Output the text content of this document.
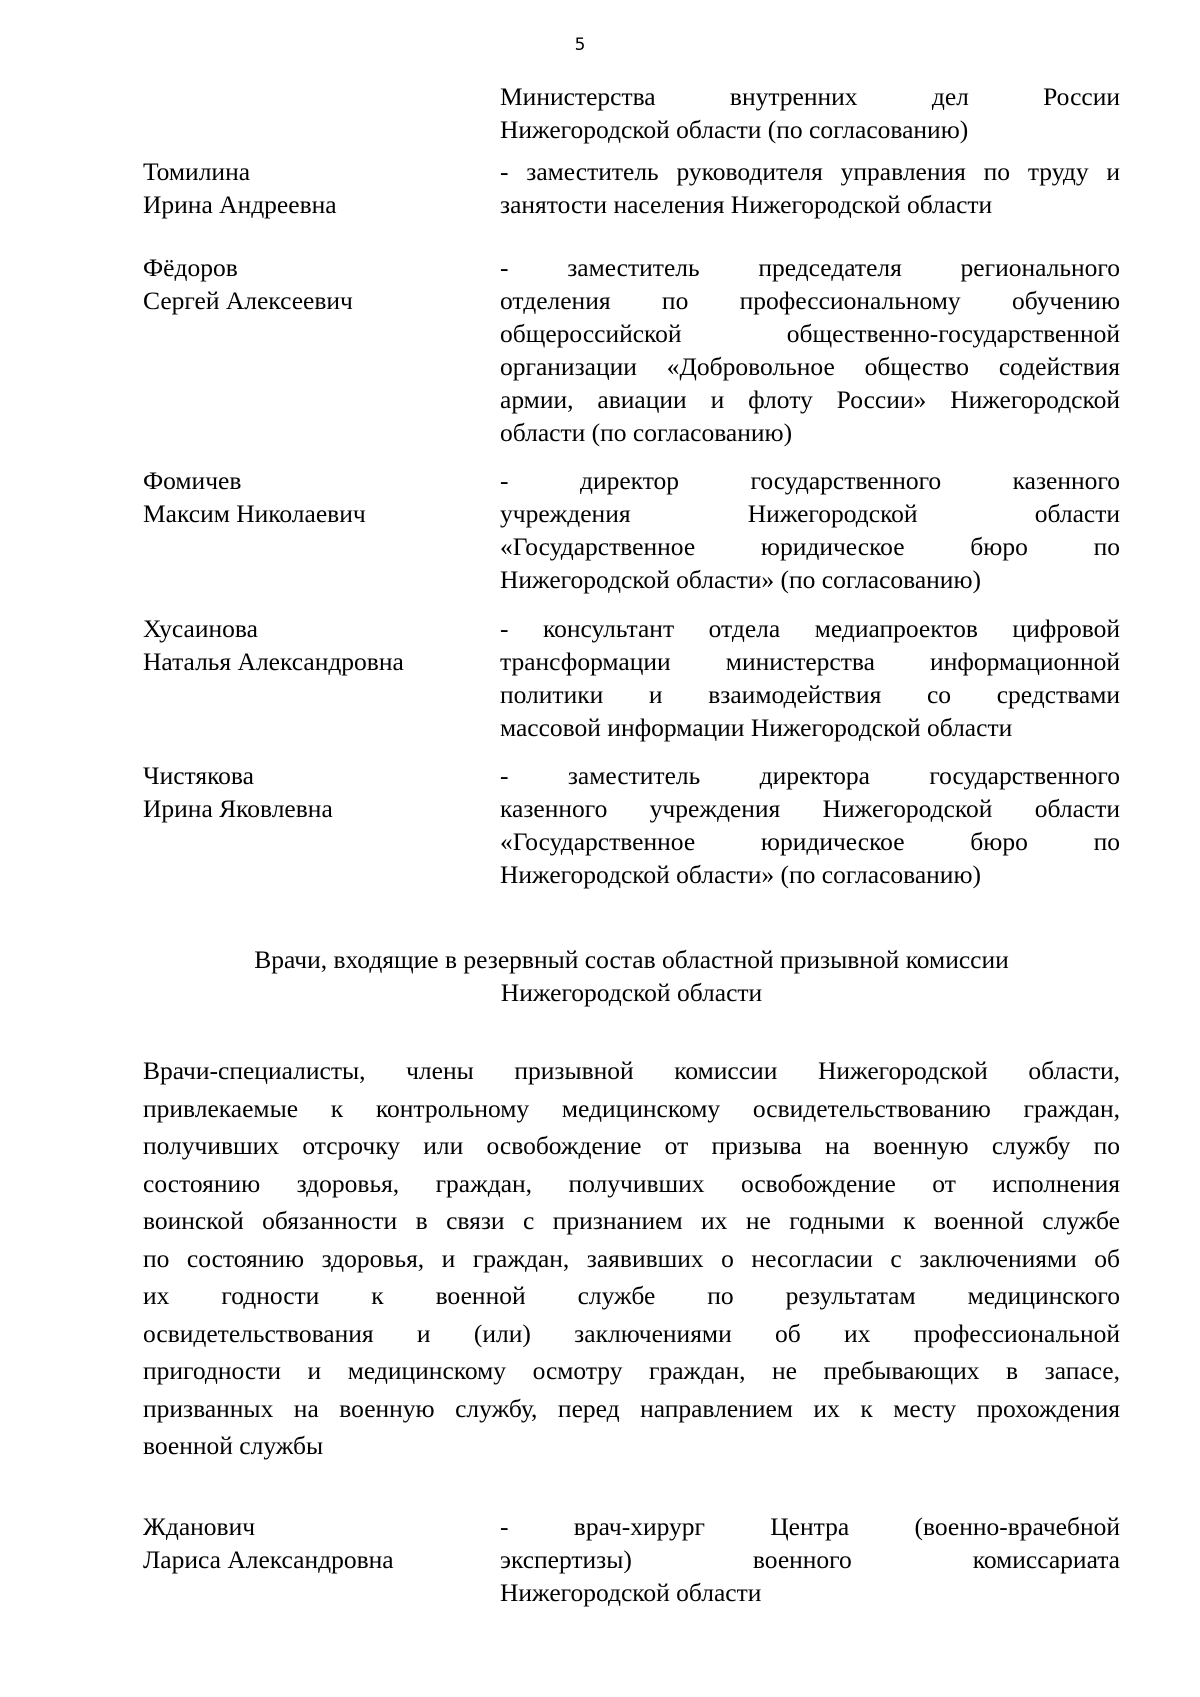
5
Министерства внутренних дел России
Нижегородской области (по согласованию)
Томилина
Ирина Андреевна
- заместитель руководителя управления по труду и
занятости населения Нижегородской области
Фёдоров
Сергей Алексеевич
- заместитель председателя регионального
отделения по профессиональному обучению
общероссийской общественно-государственной
организации «Добровольное общество содействия
армии, авиации и флоту России» Нижегородской
области (по согласованию)
Фомичев
Максим Николаевич
- директор государственного казенного
учреждения Нижегородской области
«Государственное юридическое бюро по
Нижегородской области» (по согласованию)
Хусаинова
Наталья Александровна
- консультант отдела медиапроектов цифровой
трансформации министерства информационной
политики и взаимодействия со средствами
массовой информации Нижегородской области
Чистякова
Ирина Яковлевна
- заместитель директора государственного
казенного учреждения Нижегородской области
«Государственное юридическое бюро по
Нижегородской области» (по согласованию)
Врачи, входящие в резервный состав областной призывной комиссии
Нижегородской области
Врачи-специалисты, члены призывной комиссии Нижегородской области,
привлекаемые к контрольному медицинскому освидетельствованию граждан,
получивших отсрочку или освобождение от призыва на военную службу по
состоянию здоровья, граждан, получивших освобождение от исполнения
воинской обязанности в связи с признанием их не годными к военной службе
по состоянию здоровья, и граждан, заявивших о несогласии с заключениями об
их годности к военной службе по результатам медицинского
освидетельствования и (или) заключениями об их профессиональной
пригодности и медицинскому осмотру граждан, не пребывающих в запасе,
призванных на военную службу, перед направлением их к месту прохождения
военной службы
Жданович
Лариса Александровна
- врач-хирург Центра (военно-врачебной
экспертизы) военного комиссариата
Нижегородской области
